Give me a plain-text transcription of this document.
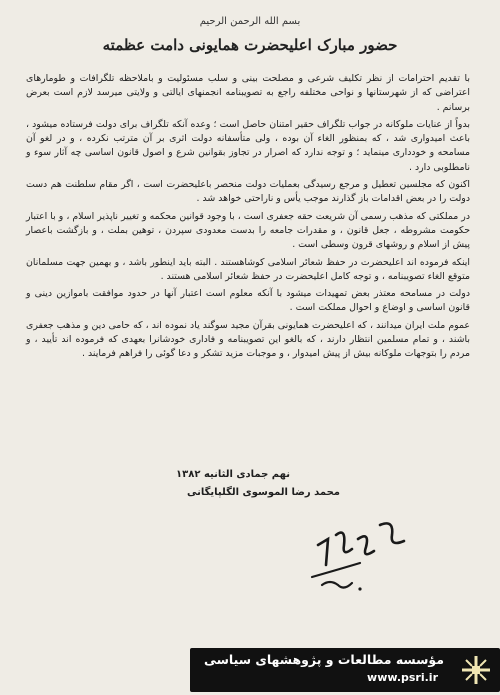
بسم الله الرحمن الرحیم
حضور مبارک اعلیحضرت همایونی دامت عظمته

با تقدیم احترامات از نظر تکلیف شرعی و مصلحت بینی و سلب مسئولیت و باملاحظه تلگرافات و طومارهای اعتراضی که از شهرستانها و نواحی مختلفه راجع به تصویبنامه انجمنهای ایالتی و ولایتی میرسد لازم است بعرض برسانم .

بدواً از عنایات ملوکانه در جواب تلگراف حقیر امتنان حاصل است ؛ وعده آنکه تلگراف برای دولت فرستاده میشود ، باعث امیدواری شد ، که بمنظور الغاء آن بوده ، ولی متأسفانه دولت اثری بر آن مترتب نکرده ، و در لغو آن مسامحه و خودداری مینماید ؛ و توجه ندارد که اصرار در تجاوز بقوانین شرع و اصول قانون اساسی چه آثار سوء و نامطلوبی دارد .

اکنون که مجلسین تعطیل و مرجع رسیدگی بعملیات دولت منحصر باعلیحضرت است ، اگر مقام سلطنت هم دست دولت را در بعض اقدامات باز گذارند موجب یأس و ناراحتی خواهد شد .

در مملکتی که مذهب رسمی آن شریعت حقه جعفری است ، با وجود قوانین محکمه و تغییر ناپذیر اسلام ، و با اعتبار حکومت مشروطه ، جعل قانون ، و مقدرات جامعه را بدست معدودی سپردن ، توهین بملت ، و بازگشت باعصار پیش از اسلام و روشهای قرون وسطی است .

اینکه فرموده اند اعلیحضرت در حفظ شعائر اسلامی کوشاهستند . البته باید اینطور باشد ، و بهمین جهت مسلمانان متوقع الغاء تصویبنامه ، و توجه کامل اعلیحضرت در حفظ شعائر اسلامی هستند .

دولت در مسامحه معتذر بعض تمهیدات میشود با آنکه معلوم است اعتبار آنها در حدود موافقت باموازین دینی و قانون اساسی و اوضاع و احوال مملکت است .

عموم ملت ایران میدانند ، که اعلیحضرت همایونی بقرآن مجید سوگند یاد نموده اند ، که حامی دین و مذهب جعفری باشند ، و تمام مسلمین انتظار دارند ، که بالغو این تصویبنامه و فاداری خودشانرا بعهدی که فرموده اند تأیید ، و مردم را بتوجهات ملوکانه بیش از پیش امیدوار ، و موجبات مزید تشکر و دعا گوئی را فراهم فرمایند .

نهم جمادی الثانیه ۱۳۸۲
محمد رضا الموسوی الگلپایگانی
مؤسسه مطالعات و پژوهشهای سیاسی
www.psri.ir
